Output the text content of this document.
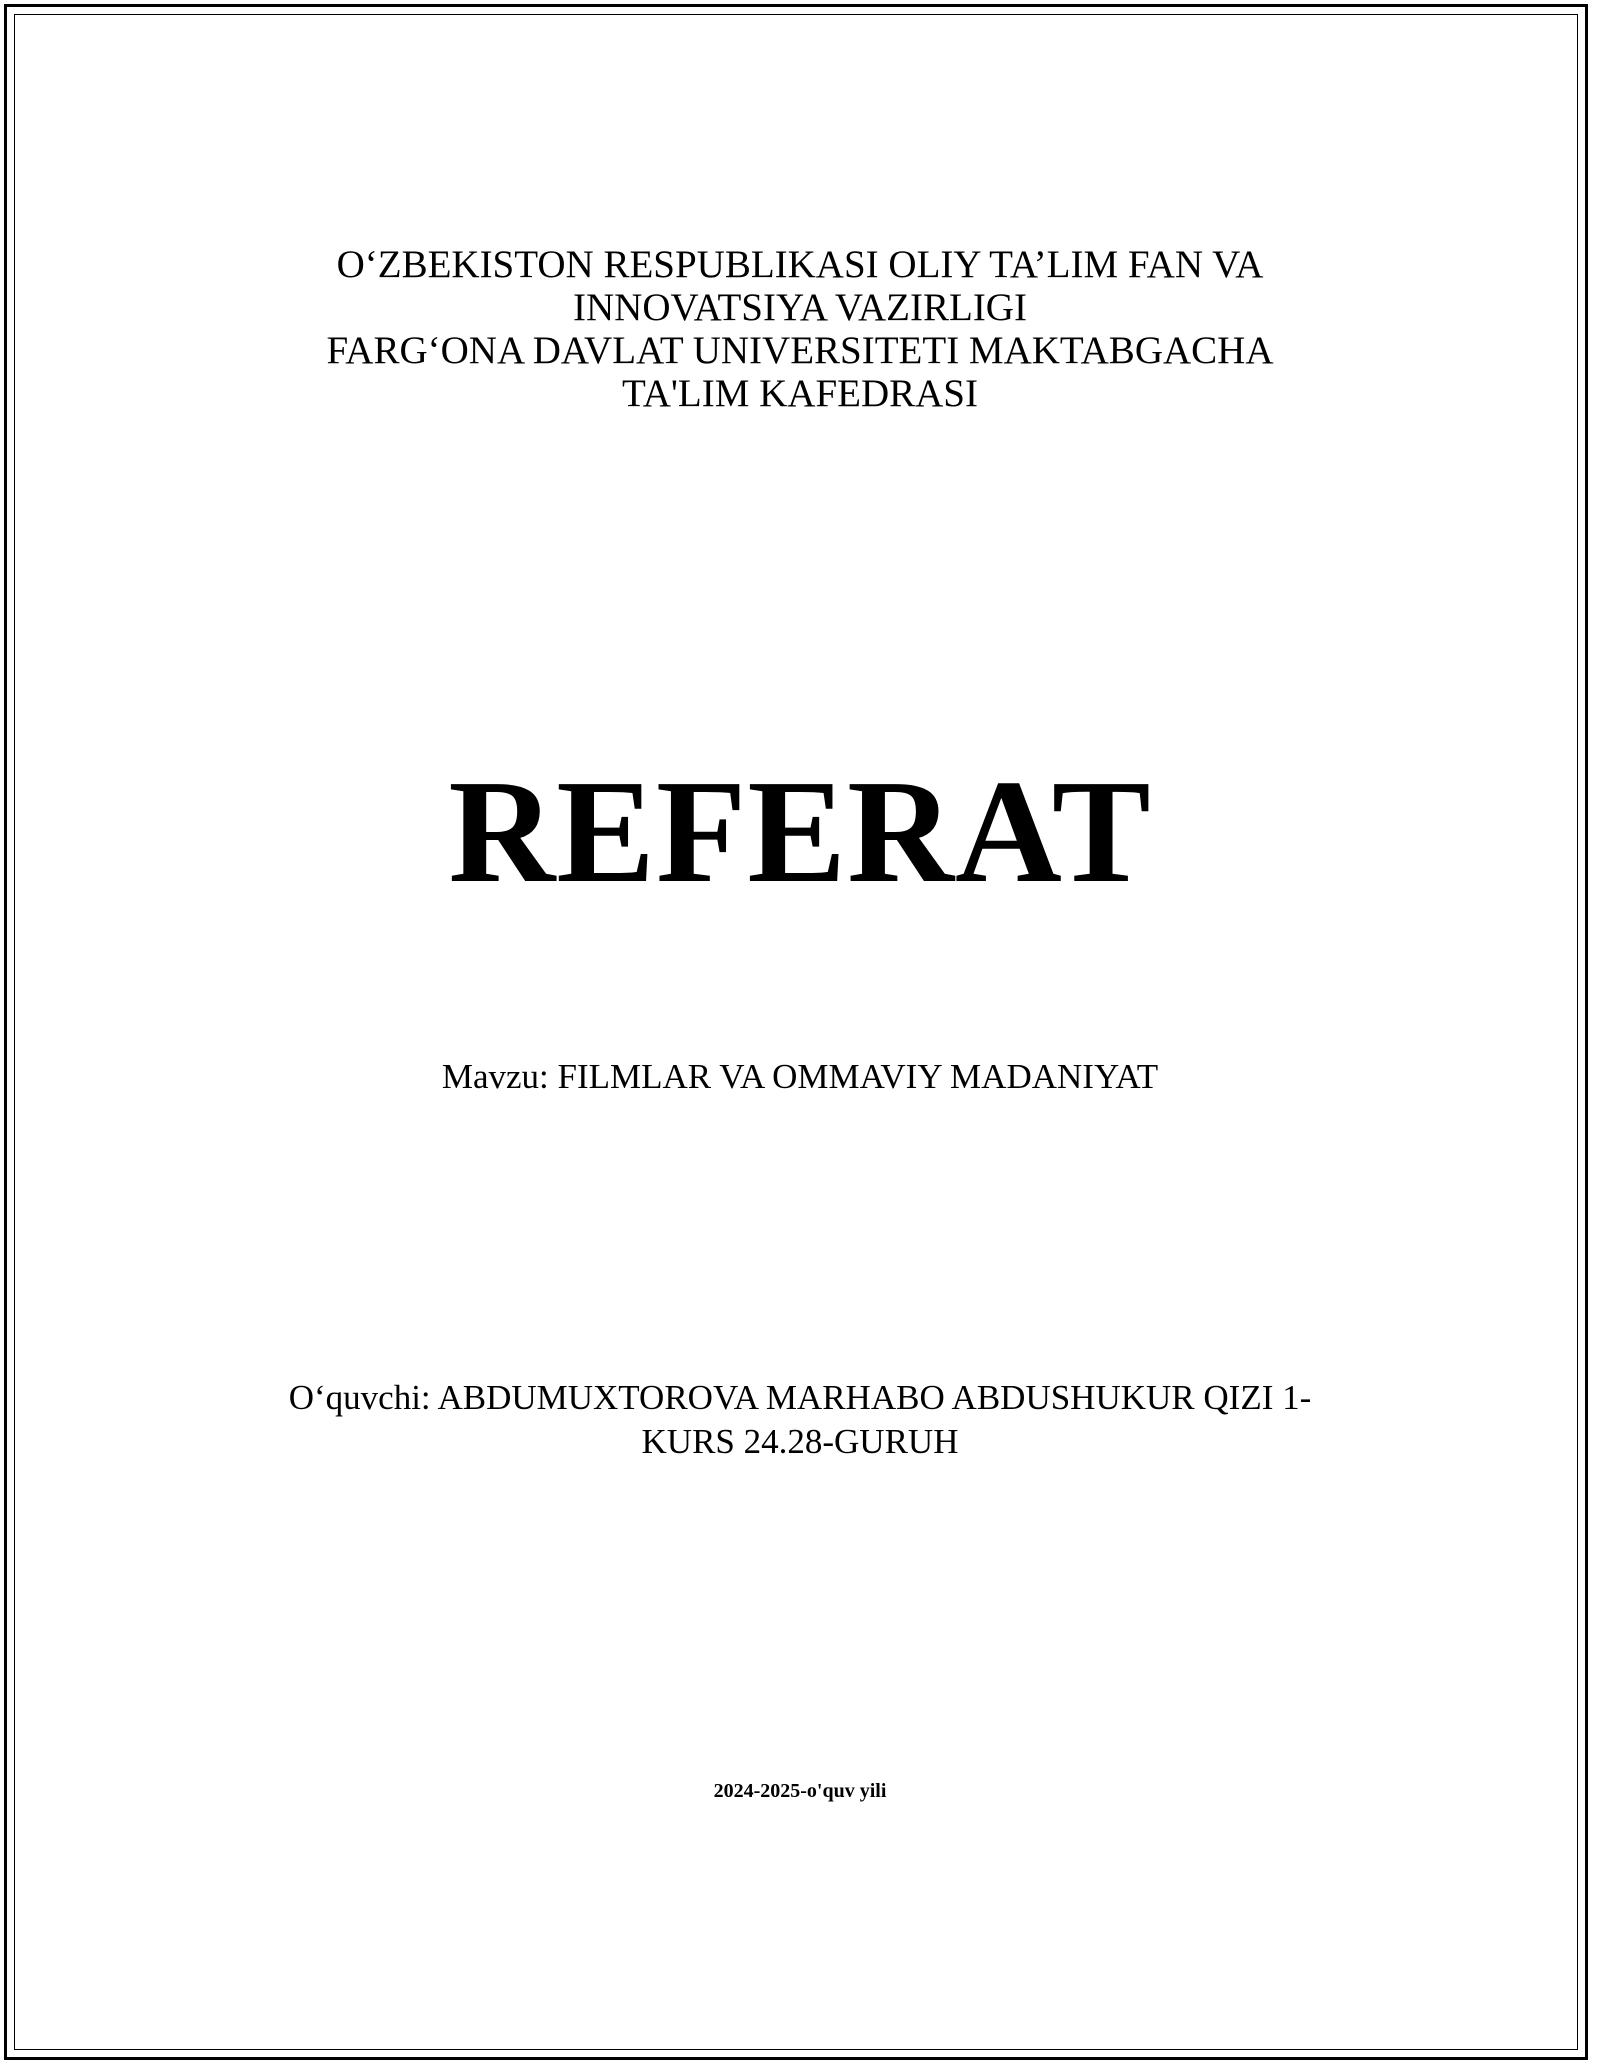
O‘ZBEKISTON RESPUBLIKASI OLIY TA’LIM FAN VA
INNOVATSIYA VAZIRLIGI
FARG‘ONA DAVLAT UNIVERSITETI MAKTABGACHA
TA'LIM KAFEDRASI
REFERAT
Mavzu: FILMLAR VA OMMAVIY MADANIYAT
O‘quvchi: ABDUMUXTOROVA MARHABO ABDUSHUKUR QIZI 1-
KURS 24.28-GURUH
2024-2025-o'quv yili
